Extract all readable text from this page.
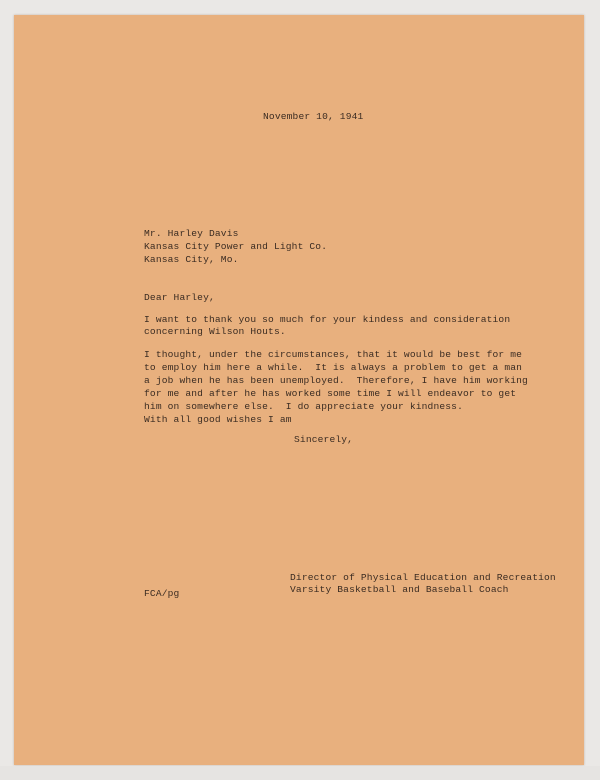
November 10, 1941
Mr. Harley Davis
Kansas City Power and Light Co.
Kansas City, Mo.
Dear Harley,
I want to thank you so much for your kindess and consideration
concerning Wilson Houts.
I thought, under the circumstances, that it would be best for me
to employ him here a while.  It is always a problem to get a man
a job when he has been unemployed.  Therefore, I have him working
for me and after he has worked some time I will endeavor to get
him on somewhere else.  I do appreciate your kindness.
With all good wishes I am
Sincerely,
Director of Physical Education and Recreation
Varsity Basketball and Baseball Coach
FCA/pg
